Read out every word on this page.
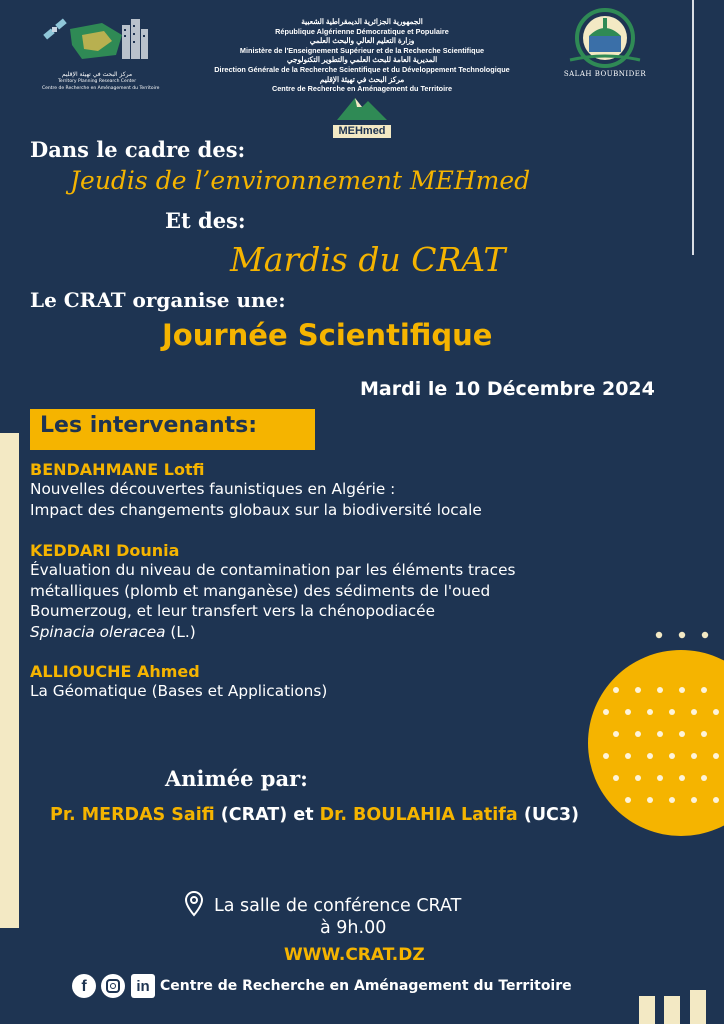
مركز البحث في تهيئة الإقليم
Territory Planning Research Center
Centre de Recherche en Aménagement du Territoire
الجمهورية الجزائرية الديمقراطية الشعبية
République Algérienne Démocratique et Populaire
وزارة التعليم العالي والبحث العلمي
Ministère de l'Enseignement Supérieur et de la Recherche Scientifique
المديرية العامة للبحث العلمي والتطوير التكنولوجي
Direction Générale de la Recherche Scientifique et du Développement Technologique
مركز البحث في تهيئة الإقليم
Centre de Recherche en Aménagement du Territoire
SALAH BOUBNIDER
MEHmed
Dans le cadre des:
Jeudis de l’environnement MEHmed
Et des:
Mardis du CRAT
Le CRAT organise une:
Journée Scientifique
Mardi le 10 Décembre 2024
Les intervenants:
BENDAHMANE Lotfi
Nouvelles découvertes faunistiques en Algérie :
Impact des changements globaux sur la biodiversité locale
KEDDARI Dounia
Évaluation du niveau de contamination par les éléments traces
métalliques (plomb et manganèse) des sédiments de l'oued
Boumerzoug, et leur transfert vers la chénopodiacée
Spinacia oleracea (L.)
ALLIOUCHE Ahmed
La Géomatique (Bases et Applications)
Animée par:
Pr. MERDAS Saifi (CRAT) et Dr. BOULAHIA Latifa (UC3)
La salle de conférence CRAT
à 9h.00
WWW.CRAT.DZ
f	in Centre de Recherche en Aménagement du Territoire
